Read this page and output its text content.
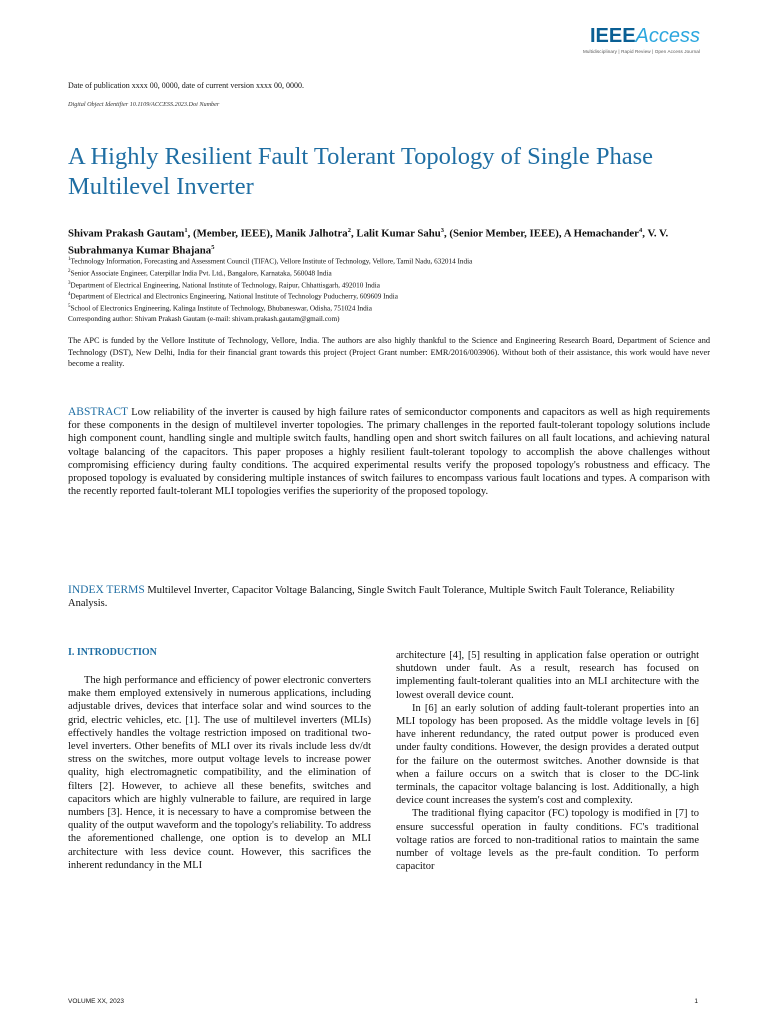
IEEEAccess
Multidisciplinary | Rapid Review | Open Access Journal
Date of publication xxxx 00, 0000, date of current version xxxx 00, 0000.
Digital Object Identifier 10.1109/ACCESS.2023.Doi Number
A Highly Resilient Fault Tolerant Topology of Single Phase Multilevel Inverter
Shivam Prakash Gautam$^1$, (Member, IEEE), Manik Jalhotra$^2$, Lalit Kumar Sahu$^3$, (Senior Member, IEEE), A Hemachander$^4$, V. V. Subrahmanya Kumar Bhajana$^5$
$^1$Technology Information, Forecasting and Assessment Council (TIFAC), Vellore Institute of Technology, Vellore, Tamil Nadu, 632014 India
$^2$Senior Associate Engineer, Caterpillar India Pvt. Ltd., Bangalore, Karnataka, 560048 India
$^3$Department of Electrical Engineering, National Institute of Technology, Raipur, Chhattisgarh, 492010 India
$^4$Department of Electrical and Electronics Engineering, National Institute of Technology Puducherry, 609609 India
$^5$School of Electronics Engineering, Kalinga Institute of Technology, Bhubaneswar, Odisha, 751024 India
Corresponding author: Shivam Prakash Gautam (e-mail: shivam.prakash.gautam@gmail.com)
The APC is funded by the Vellore Institute of Technology, Vellore, India. The authors are also highly thankful to the Science and Engineering Research Board, Department of Science and Technology (DST), New Delhi, India for their financial grant towards this project (Project Grant number: EMR/2016/003906). Without both of their assistance, this work would have never become a reality.
ABSTRACT Low reliability of the inverter is caused by high failure rates of semiconductor components and capacitors as well as high requirements for these components in the design of multilevel inverter topologies. The primary challenges in the reported fault-tolerant topology solutions include high component count, handling single and multiple switch faults, handling open and short switch failures on all fault locations, and achieving natural voltage balancing of the capacitors. This paper proposes a highly resilient fault-tolerant topology to accomplish the above challenges without compromising efficiency during faulty conditions. The acquired experimental results verify the proposed topology's robustness and efficacy. The proposed topology is evaluated by considering multiple instances of switch failures to encompass various fault locations and types. A comparison with the recently reported fault-tolerant MLI topologies verifies the superiority of the proposed topology.
INDEX TERMS Multilevel Inverter, Capacitor Voltage Balancing, Single Switch Fault Tolerance, Multiple Switch Fault Tolerance, Reliability Analysis.
I. INTRODUCTION

The high performance and efficiency of power electronic converters make them employed extensively in numerous applications, including adjustable drives, devices that interface solar and wind sources to the grid, electric vehicles, etc. [1]. The use of multilevel inverters (MLIs) effectively handles the voltage restriction imposed on traditional two-level inverters. Other benefits of MLI over its rivals include less dv/dt stress on the switches, more output voltage levels to increase power quality, high electromagnetic compatibility, and the elimination of filters [2]. However, to achieve all these benefits, switches and capacitors which are highly vulnerable to failure, are required in large numbers [3]. Hence, it is necessary to have a compromise between the quality of the output waveform and the topology's reliability. To address the aforementioned challenge, one option is to develop an MLI architecture with less device count. However, this sacrifices the inherent redundancy in the MLI

architecture [4], [5] resulting in application false operation or outright shutdown under fault. As a result, research has focused on implementing fault-tolerant qualities into an MLI architecture with the lowest overall device count.

In [6] an early solution of adding fault-tolerant properties into an MLI topology has been proposed. As the middle voltage levels in [6] have inherent redundancy, the rated output power is produced even under faulty conditions. However, the design provides a derated output for the failure on the outermost switches. Another downside is that when a failure occurs on a switch that is closer to the DC-link terminals, the capacitor voltage balancing is lost. Additionally, a high device count increases the system's cost and complexity.

The traditional flying capacitor (FC) topology is modified in [7] to ensure successful operation in faulty conditions. FC's traditional voltage ratios are forced to non-traditional ratios to maintain the same number of voltage levels as the pre-fault condition. To perform capacitor

VOLUME XX, 2023	1
